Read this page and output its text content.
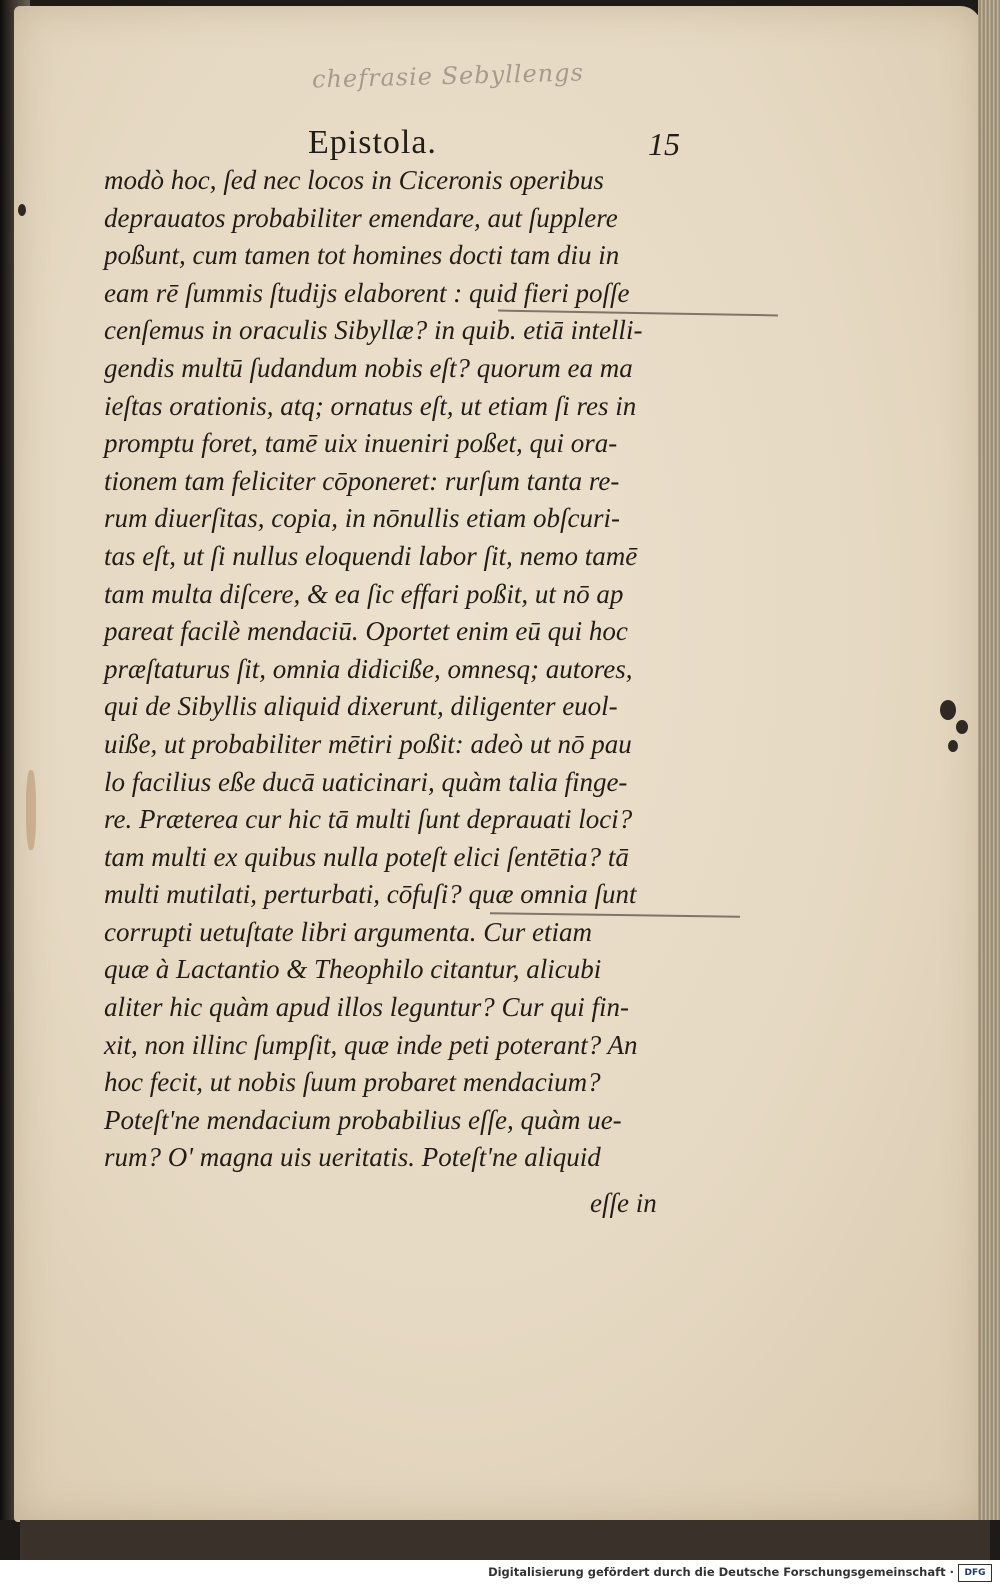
chefrasie Sebyllengs
Epistola.	15
modò hoc, ſed nec locos in Ciceronis operibus
deprauatos probabiliter emendare, aut ſupplere
poßunt, cum tamen tot homines docti tam diu in
eam rē ſummis ſtudijs elaborent : quid fieri poſſe
cenſemus in oraculis Sibyllæ? in quib. etiā intelli-
gendis multū ſudandum nobis eſt? quorum ea ma
ieſtas orationis, atq; ornatus eſt, ut etiam ſi res in
promptu foret, tamē uix inueniri poßet, qui ora-
tionem tam feliciter cōponeret: rurſum tanta re-
rum diuerſitas, copia, in nōnullis etiam obſcuri-
tas eſt, ut ſi nullus eloquendi labor ſit, nemo tamē
tam multa diſcere, & ea ſic effari poßit, ut nō ap
pareat facilè mendaciū. Oportet enim eū qui hoc
præſtaturus ſit, omnia didiciße, omnesq; autores,
qui de Sibyllis aliquid dixerunt, diligenter euol-
uiße, ut probabiliter mētiri poßit: adeò ut nō pau
lo facilius eße ducā uaticinari, quàm talia finge-
re. Præterea cur hic tā multi ſunt deprauati loci?
tam multi ex quibus nulla poteſt elici ſentētia? tā
multi mutilati, perturbati, cōfuſi? quæ omnia ſunt
corrupti uetuſtate libri argumenta. Cur etiam
quæ à Lactantio & Theophilo citantur, alicubi
aliter hic quàm apud illos leguntur? Cur qui fin-
xit, non illinc ſumpſit, quæ inde peti poterant? An
hoc fecit, ut nobis ſuum probaret mendacium?
Poteſt'ne mendacium probabilius eſſe, quàm ue-
rum? O' magna uis ueritatis. Poteſt'ne aliquid
eſſe in
Digitalisierung gefördert durch die Deutsche Forschungsgemeinschaft ·	DFG
